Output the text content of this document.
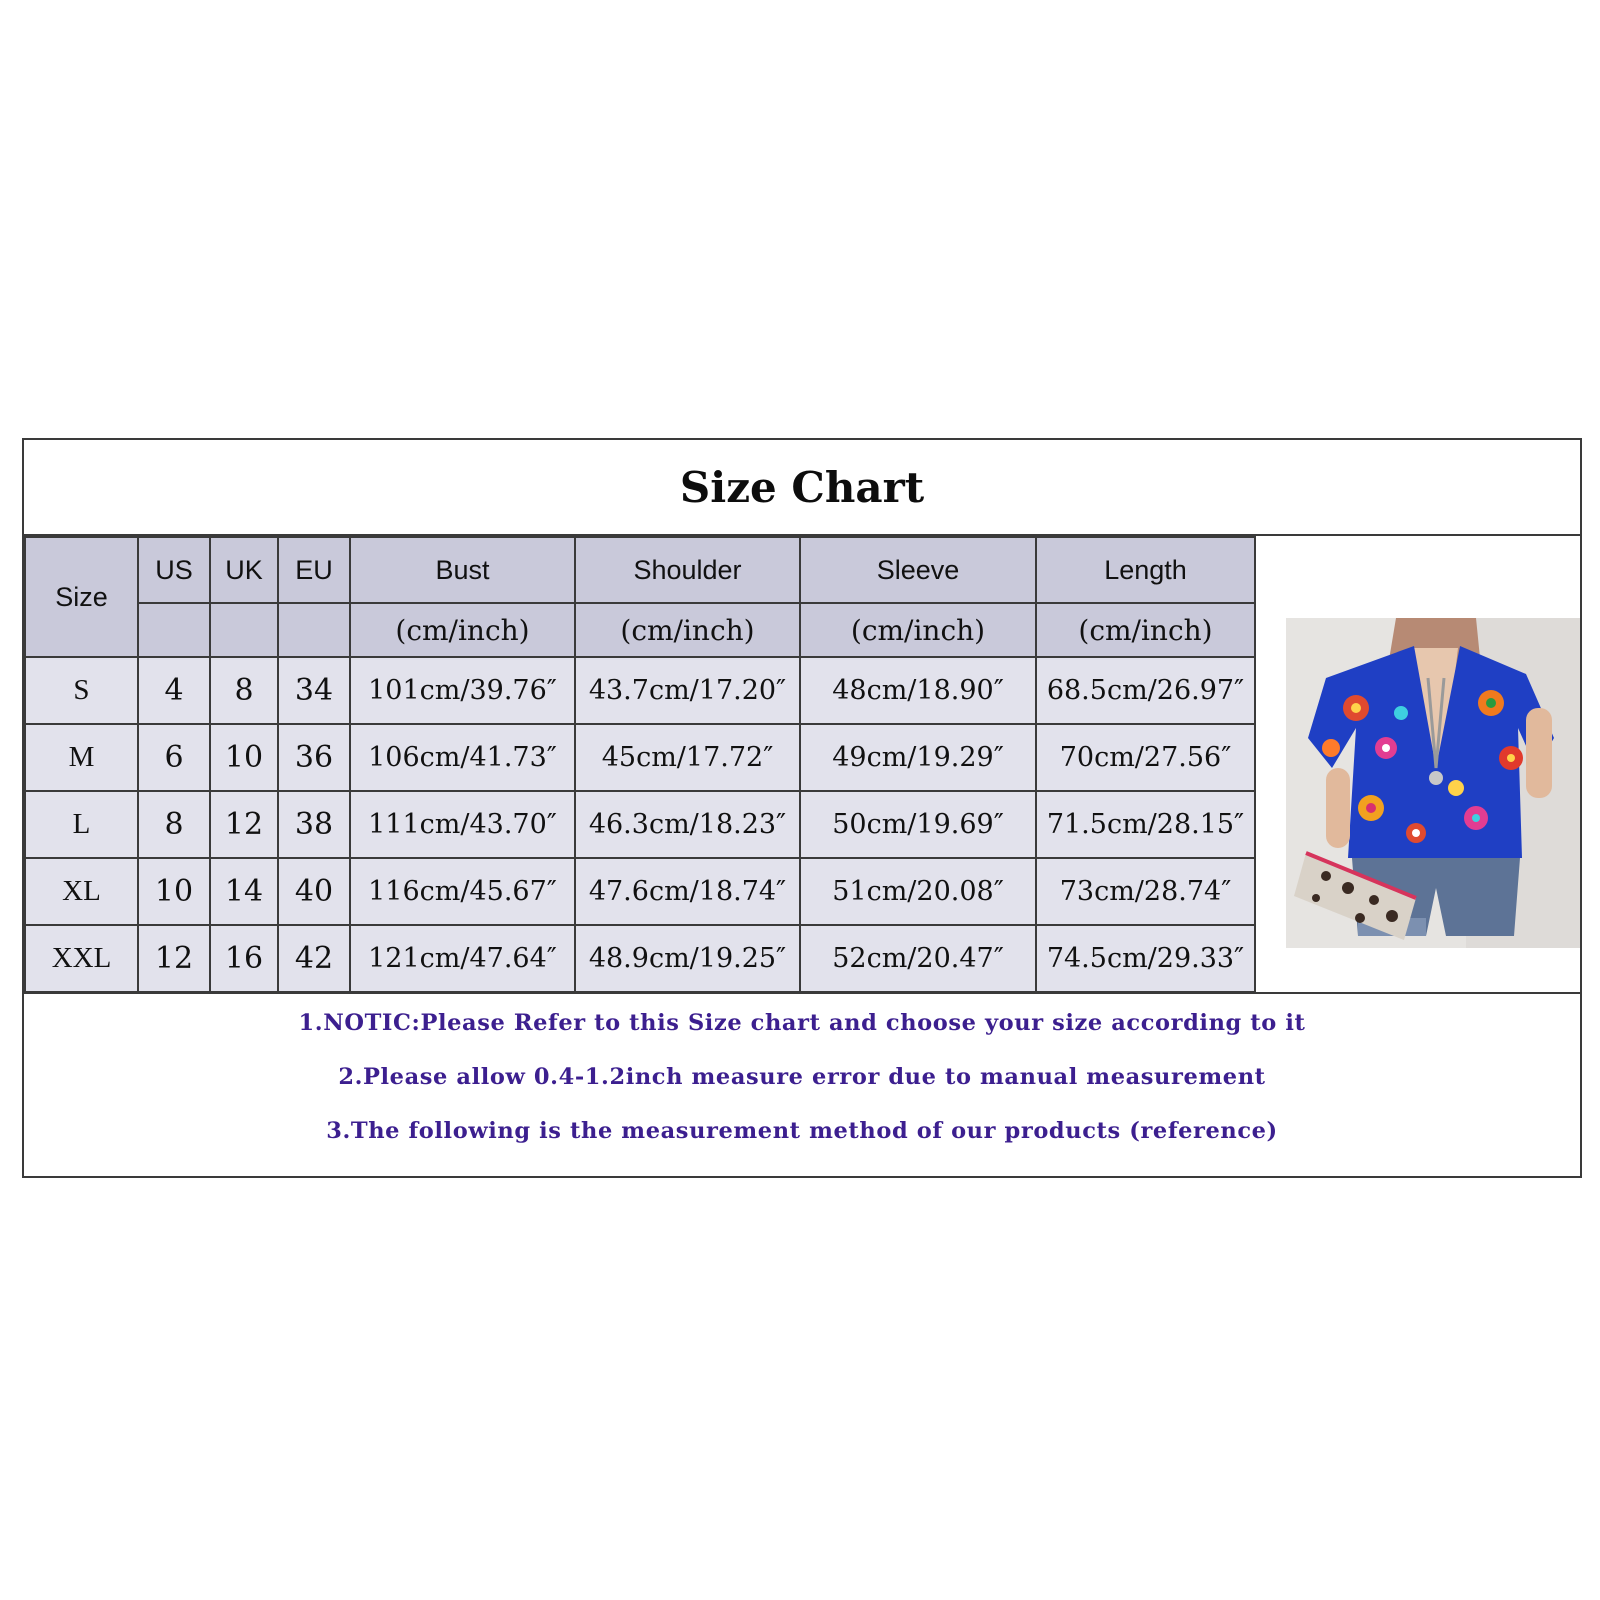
Size Chart
Size	US	UK	EU	Bust	Shoulder	Sleeve	Length
				(cm/inch)	(cm/inch)	(cm/inch)	(cm/inch)
S	4	8	34	101cm/39.76″	43.7cm/17.20″	48cm/18.90″	68.5cm/26.97″
M	6	10	36	106cm/41.73″	45cm/17.72″	49cm/19.29″	70cm/27.56″
L	8	12	38	111cm/43.70″	46.3cm/18.23″	50cm/19.69″	71.5cm/28.15″
XL	10	14	40	116cm/45.67″	47.6cm/18.74″	51cm/20.08″	73cm/28.74″
XXL	12	16	42	121cm/47.64″	48.9cm/19.25″	52cm/20.47″	74.5cm/29.33″
1.NOTIC:Please Refer to this Size chart and choose your size according to it
2.Please allow 0.4-1.2inch measure error due to manual measurement
3.The following is the measurement method of our products (reference)
